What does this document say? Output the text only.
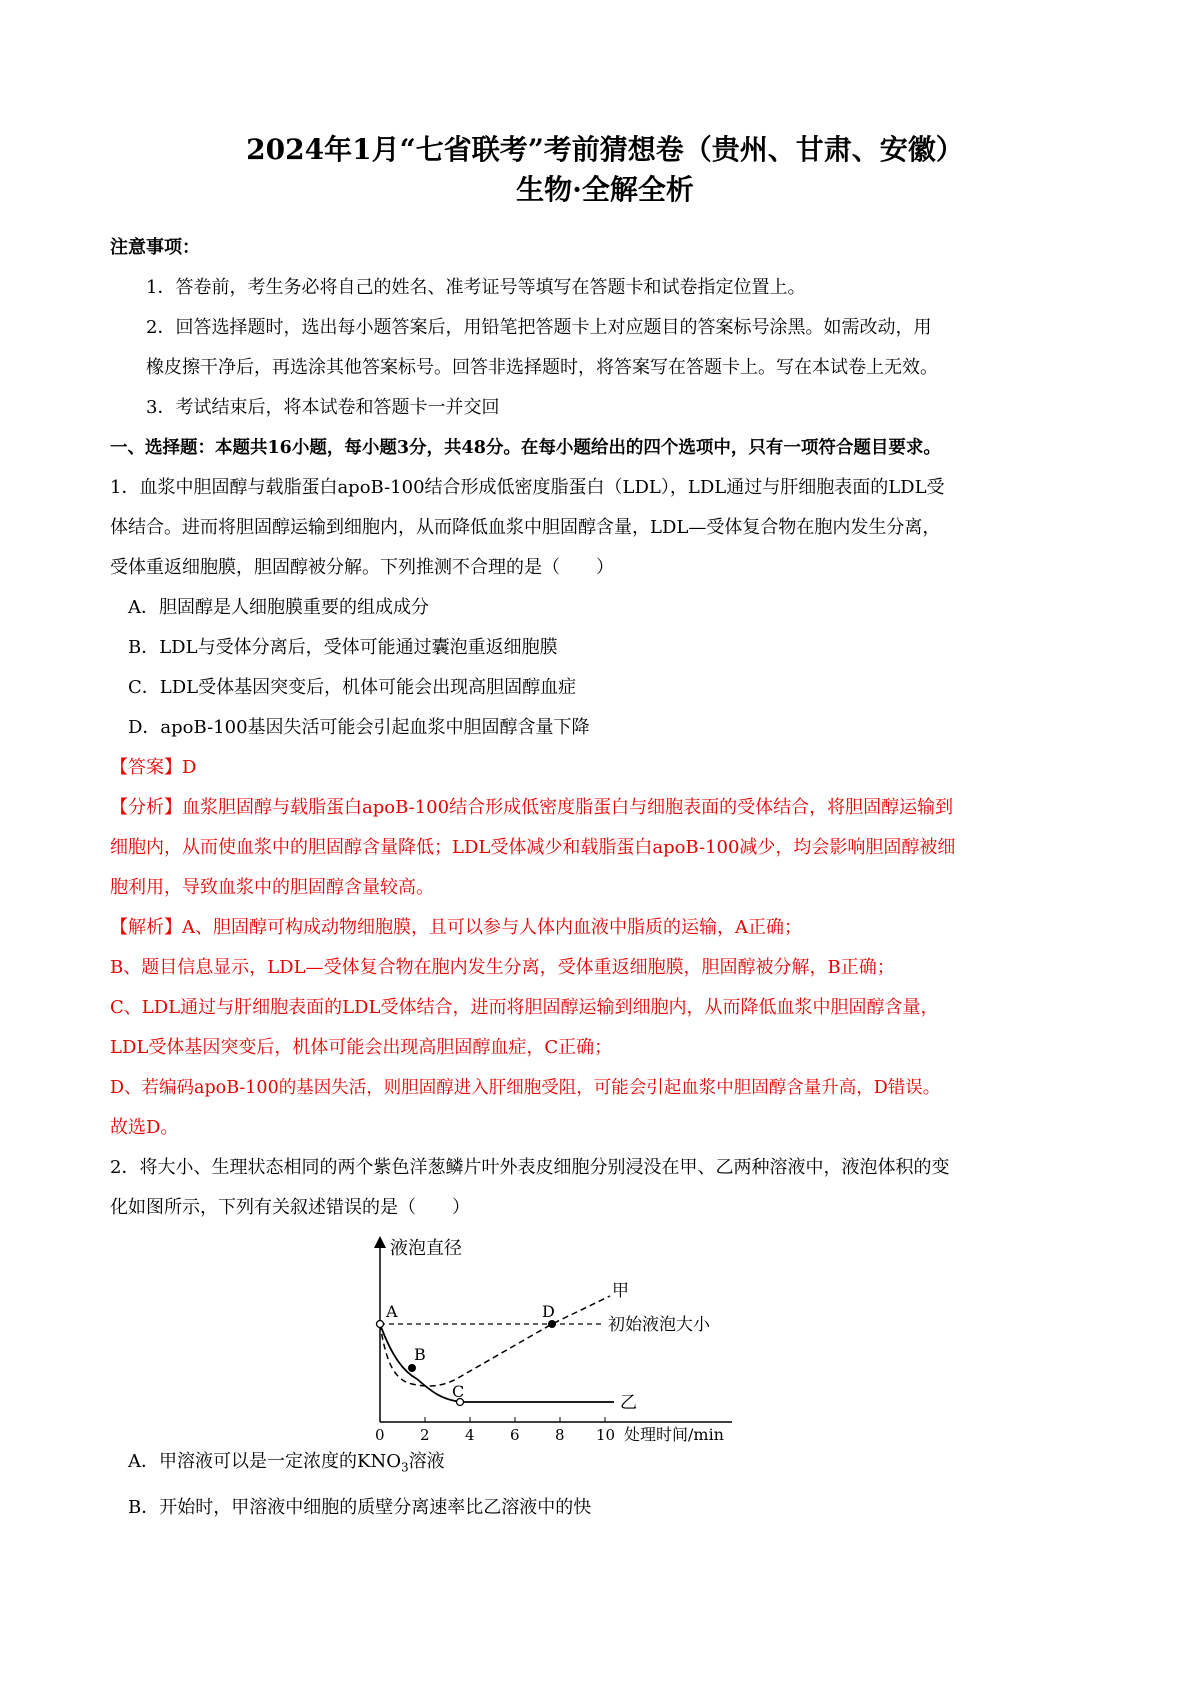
2024年1月“七省联考”考前猜想卷（贵州、甘肃、安徽）
生物·全解全析
注意事项：
1．答卷前，考生务必将自己的姓名、准考证号等填写在答题卡和试卷指定位置上。
2．回答选择题时，选出每小题答案后，用铅笔把答题卡上对应题目的答案标号涂黑。如需改动，用
橡皮擦干净后，再选涂其他答案标号。回答非选择题时，将答案写在答题卡上。写在本试卷上无效。
3．考试结束后，将本试卷和答题卡一并交回
一、选择题：本题共16小题，每小题3分，共48分。在每小题给出的四个选项中，只有一项符合题目要求。
1．血浆中胆固醇与载脂蛋白apoB-100结合形成低密度脂蛋白（LDL），LDL通过与肝细胞表面的LDL受
体结合。进而将胆固醇运输到细胞内，从而降低血浆中胆固醇含量，LDL—受体复合物在胞内发生分离，
受体重返细胞膜，胆固醇被分解。下列推测不合理的是（　　）
A．胆固醇是人细胞膜重要的组成成分
B．LDL与受体分离后，受体可能通过囊泡重返细胞膜
C．LDL受体基因突变后，机体可能会出现高胆固醇血症
D．apoB-100基因失活可能会引起血浆中胆固醇含量下降
【答案】D
【分析】血浆胆固醇与载脂蛋白apoB-100结合形成低密度脂蛋白与细胞表面的受体结合，将胆固醇运输到
细胞内，从而使血浆中的胆固醇含量降低；LDL受体减少和载脂蛋白apoB-100减少，均会影响胆固醇被细
胞利用，导致血浆中的胆固醇含量较高。
【解析】A、胆固醇可构成动物细胞膜，且可以参与人体内血液中脂质的运输，A正确；
B、题目信息显示，LDL—受体复合物在胞内发生分离，受体重返细胞膜，胆固醇被分解，B正确；
C、LDL通过与肝细胞表面的LDL受体结合，进而将胆固醇运输到细胞内，从而降低血浆中胆固醇含量，
LDL受体基因突变后，机体可能会出现高胆固醇血症，C正确；
D、若编码apoB-100的基因失活，则胆固醇进入肝细胞受阻，可能会引起血浆中胆固醇含量升高，D错误。
故选D。
2．将大小、生理状态相同的两个紫色洋葱鳞片叶外表皮细胞分别浸没在甲、乙两种溶液中，液泡体积的变
化如图所示，下列有关叙述错误的是（　　）
液泡直径
A
B
C
D
甲
初始液泡大小
乙
0 2 4 6 8 10 处理时间/min
A．甲溶液可以是一定浓度的$KNO_3$溶液
B．开始时，甲溶液中细胞的质壁分离速率比乙溶液中的快
